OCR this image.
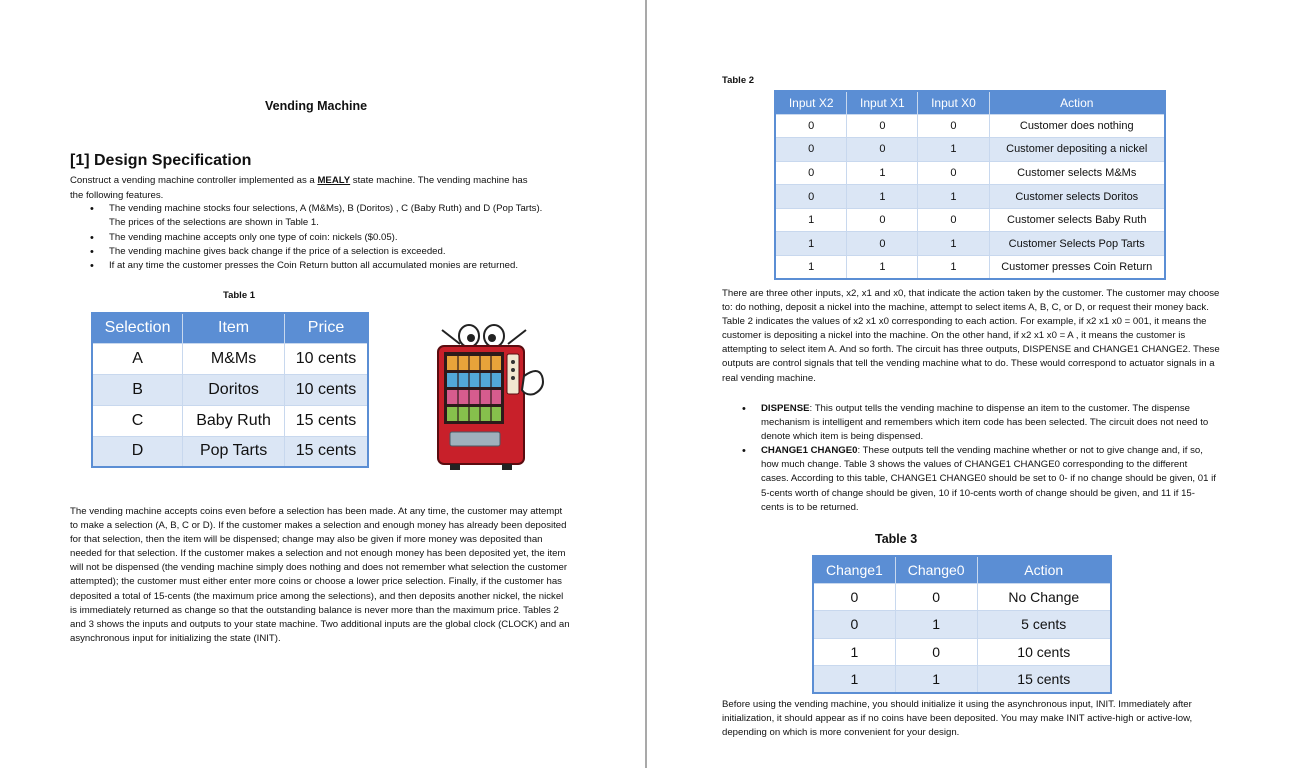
Vending Machine
[1] Design Specification

Construct a vending machine controller implemented as a MEALY state machine. The vending machine has the following features.

• The vending machine stocks four selections, A (M&Ms), B (Doritos) , C (Baby Ruth) and D (Pop Tarts). The prices of the selections are shown in Table 1.
• The vending machine accepts only one type of coin: nickels ($0.05).
• The vending machine gives back change if the price of a selection is exceeded.
• If at any time the customer presses the Coin Return button all accumulated monies are returned.
Table 1
Selection	Item	Price
A	M&Ms	10 cents
B	Doritos	10 cents
C	Baby Ruth	15 cents
D	Pop Tarts	15 cents

The vending machine accepts coins even before a selection has been made. At any time, the customer may attempt to make a selection (A, B, C or D). If the customer makes a selection and enough money has already been deposited for that selection, then the item will be dispensed; change may also be given if more money was deposited than needed for that selection. If the customer makes a selection and not enough money has been deposited yet, the item will not be dispensed (the vending machine simply does nothing and does not remember what selection the customer attempted); the customer must either enter more coins or choose a lower price selection. Finally, if the customer has deposited a total of 15-cents (the maximum price among the selections), and then deposits another nickel, the nickel is immediately returned as change so that the outstanding balance is never more than the maximum price. Tables 2 and 3 shows the inputs and outputs to your state machine. Two additional inputs are the global clock (CLOCK) and an asynchronous input for initializing the state (INIT).

Table 2
Input X2	Input X1	Input X0	Action
0	0	0	Customer does nothing
0	0	1	Customer depositing a nickel
0	1	0	Customer selects M&Ms
0	1	1	Customer selects Doritos
1	0	0	Customer selects Baby Ruth
1	0	1	Customer Selects Pop Tarts
1	1	1	Customer presses Coin Return

There are three other inputs, x2, x1 and x0, that indicate the action taken by the customer. The customer may choose to: do nothing, deposit a nickel into the machine, attempt to select items A, B, C, or D, or request their money back. Table 2 indicates the values of x2 x1 x0 corresponding to each action. For example, if x2 x1 x0 = 001, it means the customer is depositing a nickel into the machine. On the other hand, if x2 x1 x0 = A , it means the customer is attempting to select item A. And so forth. The circuit has three outputs, DISPENSE and CHANGE1 CHANGE2. These outputs are control signals that tell the vending machine what to do. These would correspond to actuator signals in a real vending machine.

• DISPENSE: This output tells the vending machine to dispense an item to the customer. The dispense mechanism is intelligent and remembers which item code has been selected. The circuit does not need to denote which item is being dispensed.
• CHANGE1 CHANGE0: These outputs tell the vending machine whether or not to give change and, if so, how much change. Table 3 shows the values of CHANGE1 CHANGE0 corresponding to the different cases. According to this table, CHANGE1 CHANGE0 should be set to 0- if no change should be given, 01 if 5-cents worth of change should be given, 10 if 10-cents worth of change should be given, and 11 if 15-cents is to be returned.
Table 3
Change1	Change0	Action
0	0	No Change
0	1	5 cents
1	0	10 cents
1	1	15 cents

Before using the vending machine, you should initialize it using the asynchronous input, INIT. Immediately after initialization, it should appear as if no coins have been deposited. You may make INIT active-high or active-low, depending on which is more convenient for your design.
